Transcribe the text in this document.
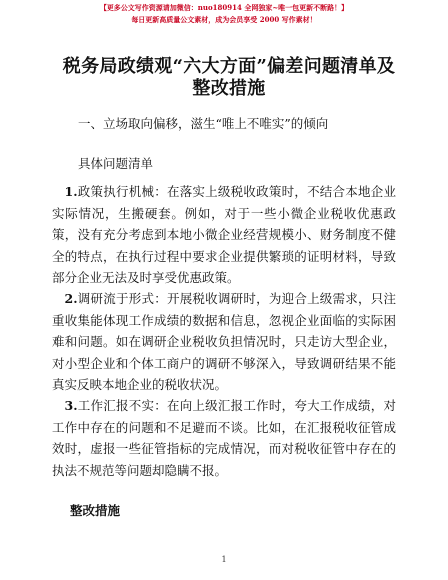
【更多公文写作资源请加微信：nuo180914 全网独家~唯一包更新不断路！】
每日更新高质量公文素材，成为会员享受 2000 写作素材！
税务局政绩观“六大方面”偏差问题清单及整改措施
一、立场取向偏移，滋生“唯上不唯实”的倾向
具体问题清单

1.政策执行机械：在落实上级税收政策时，不结合本地企业实际情况，生搬硬套。例如，对于一些小微企业税收优惠政策，没有充分考虑到本地小微企业经营规模小、财务制度不健全的特点，在执行过程中要求企业提供繁琐的证明材料，导致部分企业无法及时享受优惠政策。

2.调研流于形式：开展税收调研时，为迎合上级需求，只注重收集能体现工作成绩的数据和信息，忽视企业面临的实际困难和问题。如在调研企业税收负担情况时，只走访大型企业，对小型企业和个体工商户的调研不够深入，导致调研结果不能真实反映本地企业的税收状况。

3.工作汇报不实：在向上级汇报工作时，夸大工作成绩，对工作中存在的问题和不足避而不谈。比如，在汇报税收征管成效时，虚报一些征管指标的完成情况，而对税收征管中存在的执法不规范等问题却隐瞒不报。

整改措施
1
